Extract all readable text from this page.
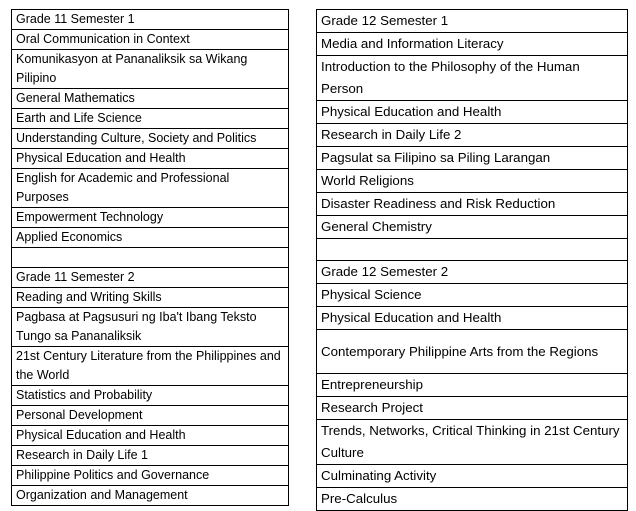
Grade 11 Semester 1
Oral Communication in Context
Komunikasyon at Pananaliksik sa Wikang Pilipino
General Mathematics
Earth and Life Science
Understanding Culture, Society and Politics
Physical Education and Health
English for Academic and Professional Purposes
Empowerment Technology
Applied Economics

Grade 11 Semester 2
Reading and Writing Skills
Pagbasa at Pagsusuri ng Iba't Ibang Teksto Tungo sa Pananaliksik
21st Century Literature from the Philippines and the World
Statistics and Probability
Personal Development
Physical Education and Health
Research in Daily Life 1
Philippine Politics and Governance
Organization and Management
Grade 12 Semester 1
Media and Information Literacy
Introduction to the Philosophy of the Human Person
Physical Education and Health
Research in Daily Life 2
Pagsulat sa Filipino sa Piling Larangan
World Religions
Disaster Readiness and Risk Reduction
General Chemistry

Grade 12 Semester 2
Physical Science
Physical Education and Health
Contemporary Philippine Arts from the Regions
Entrepreneurship
Research Project
Trends, Networks, Critical Thinking in 21st Century Culture
Culminating Activity
Pre-Calculus
